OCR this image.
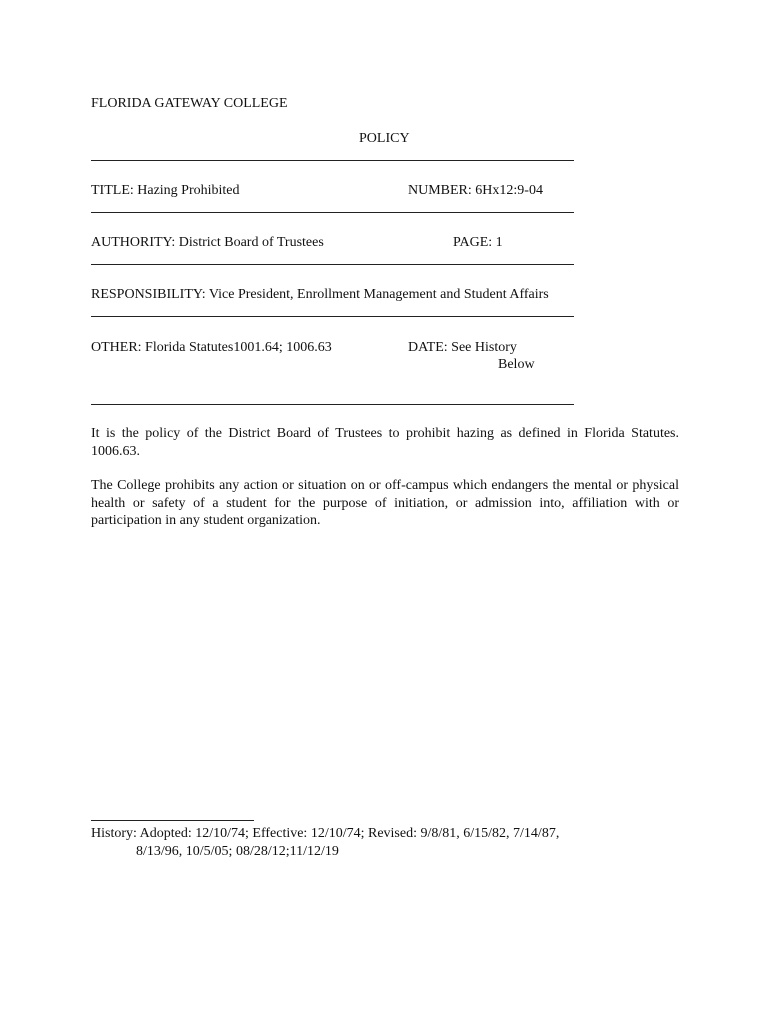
FLORIDA GATEWAY COLLEGE
POLICY
TITLE: Hazing Prohibited	NUMBER: 6Hx12:9-04
AUTHORITY: District Board of Trustees	PAGE: 1
RESPONSIBILITY: Vice President, Enrollment Management and Student Affairs
OTHER: Florida Statutes1001.64; 1006.63	DATE: See History
Below
It is the policy of the District Board of Trustees to prohibit hazing as defined in Florida Statutes. 1006.63.
The College prohibits any action or situation on or off-campus which endangers the mental or physical health or safety of a student for the purpose of initiation, or admission into, affiliation with or participation in any student organization.
History: Adopted: 12/10/74; Effective: 12/10/74; Revised: 9/8/81, 6/15/82, 7/14/87,
8/13/96, 10/5/05; 08/28/12;11/12/19
